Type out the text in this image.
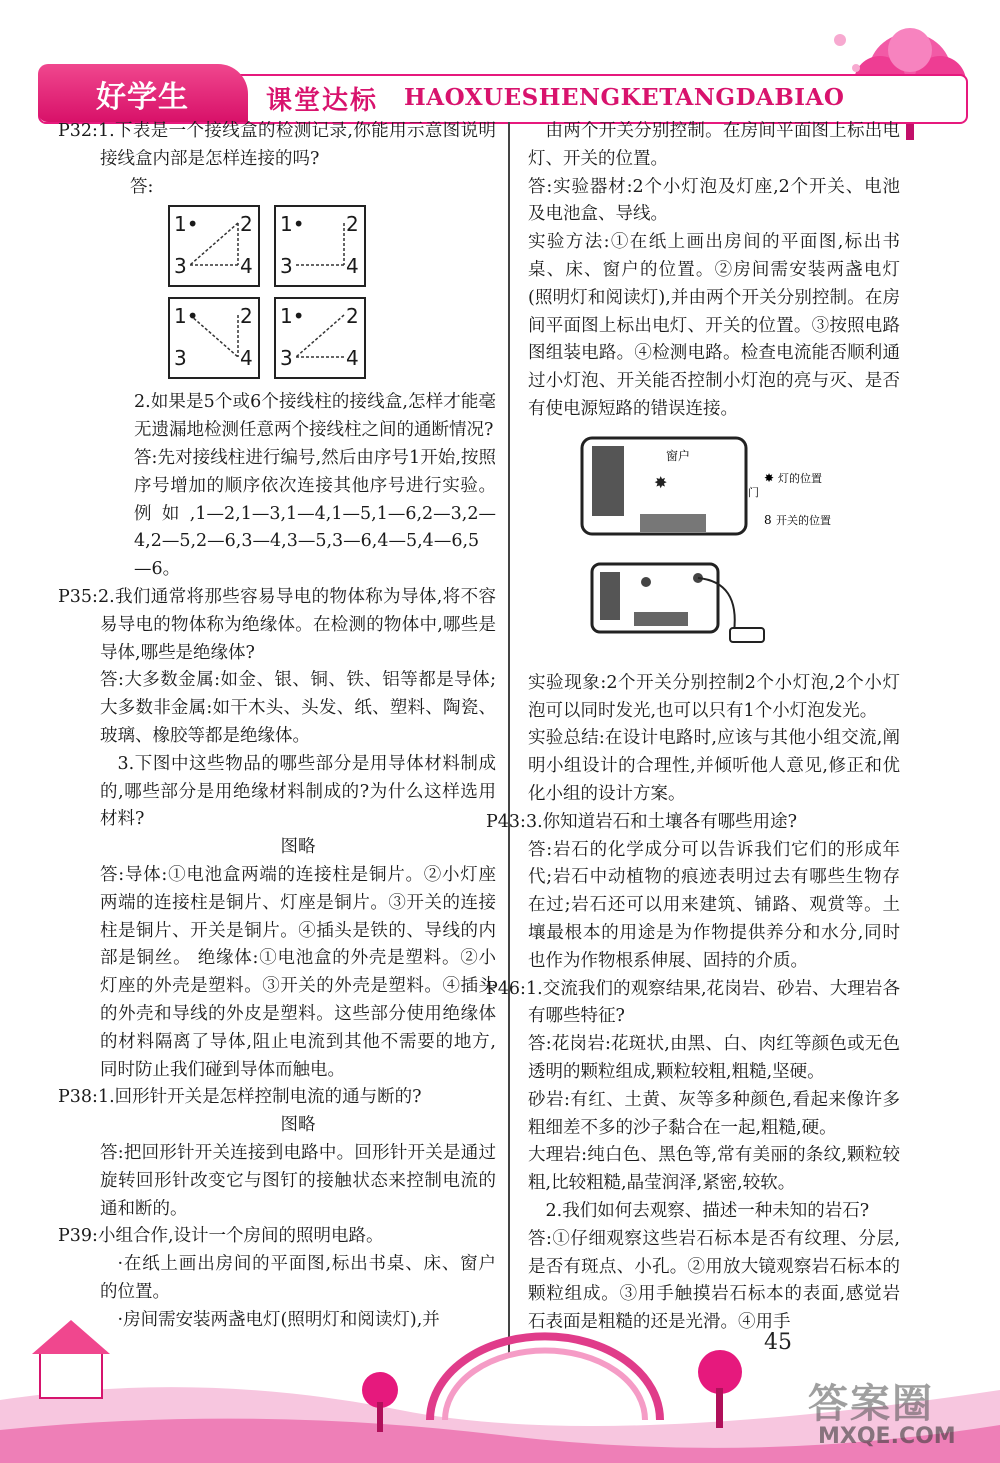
好学生	课堂达标 HAOXUESHENGKETANGDABIAO

P32:1.下表是一个接线盒的检测记录,你能用示意图说明接线盒内部是怎样连接的吗?

答:

1• 2
3	4
1• 2
3	4
1• 2
3	4
1• 2
3	4

2.如果是5个或6个接线柱的接线盒,怎样才能毫无遗漏地检测任意两个接线柱之间的通断情况?

答:先对接线柱进行编号,然后由序号1开始,按照序号增加的顺序依次连接其他序号进行实验。例如,1—2,1—3,1—4,1—5,1—6,2—3,2—4,2—5,2—6,3—4,3—5,3—6,4—5,4—6,5—6。

P35:2.我们通常将那些容易导电的物体称为导体,将不容易导电的物体称为绝缘体。在检测的物体中,哪些是导体,哪些是绝缘体?

答:大多数金属:如金、银、铜、铁、铝等都是导体;大多数非金属:如干木头、头发、纸、塑料、陶瓷、玻璃、橡胶等都是绝缘体。

3.下图中这些物品的哪些部分是用导体材料制成的,哪些部分是用绝缘材料制成的?为什么这样选用材料?

图略

答:导体:①电池盒两端的连接柱是铜片。②小灯座两端的连接柱是铜片、灯座是铜片。③开关的连接柱是铜片、开关是铜片。④插头是铁的、导线的内部是铜丝。 绝缘体:①电池盒的外壳是塑料。②小灯座的外壳是塑料。③开关的外壳是塑料。④插头的外壳和导线的外皮是塑料。这些部分使用绝缘体的材料隔离了导体,阻止电流到其他不需要的地方,同时防止我们碰到导体而触电。

P38:1.回形针开关是怎样控制电流的通与断的?

图略

答:把回形针开关连接到电路中。回形针开关是通过旋转回形针改变它与图钉的接触状态来控制电流的通和断的。

P39:小组合作,设计一个房间的照明电路。

·在纸上画出房间的平面图,标出书桌、床、窗户的位置。

·房间需安装两盏电灯(照明灯和阅读灯),并

由两个开关分别控制。在房间平面图上标出电灯、开关的位置。

答:实验器材:2个小灯泡及灯座,2个开关、电池及电池盒、导线。

实验方法:①在纸上画出房间的平面图,标出书桌、床、窗户的位置。②房间需安装两盏电灯(照明灯和阅读灯),并由两个开关分别控制。在房间平面图上标出电灯、开关的位置。③按照电路图组装电路。④检测电路。检查电流能否顺利通过小灯泡、开关能否控制小灯泡的亮与灭、是否有使电源短路的错误连接。

窗户
✸
门
✸ 灯的位置
8 开关的位置

实验现象:2个开关分别控制2个小灯泡,2个小灯泡可以同时发光,也可以只有1个小灯泡发光。

实验总结:在设计电路时,应该与其他小组交流,阐明小组设计的合理性,并倾听他人意见,修正和优化小组的设计方案。

P43:3.你知道岩石和土壤各有哪些用途?

答:岩石的化学成分可以告诉我们它们的形成年代;岩石中动植物的痕迹表明过去有哪些生物存在过;岩石还可以用来建筑、铺路、观赏等。土壤最根本的用途是为作物提供养分和水分,同时也作为作物根系伸展、固持的介质。

P46:1.交流我们的观察结果,花岗岩、砂岩、大理岩各有哪些特征?

答:花岗岩:花斑状,由黑、白、肉红等颜色或无色透明的颗粒组成,颗粒较粗,粗糙,坚硬。

砂岩:有红、土黄、灰等多种颜色,看起来像许多粗细差不多的沙子黏合在一起,粗糙,硬。

大理岩:纯白色、黑色等,常有美丽的条纹,颗粒较粗,比较粗糙,晶莹润泽,紧密,较软。

2.我们如何去观察、描述一种未知的岩石?

答:①仔细观察这些岩石标本是否有纹理、分层,是否有斑点、小孔。②用放大镜观察岩石标本的颗粒组成。③用手触摸岩石标本的表面,感觉岩石表面是粗糙的还是光滑。④用手

45
答案圈
MXQE.COM
